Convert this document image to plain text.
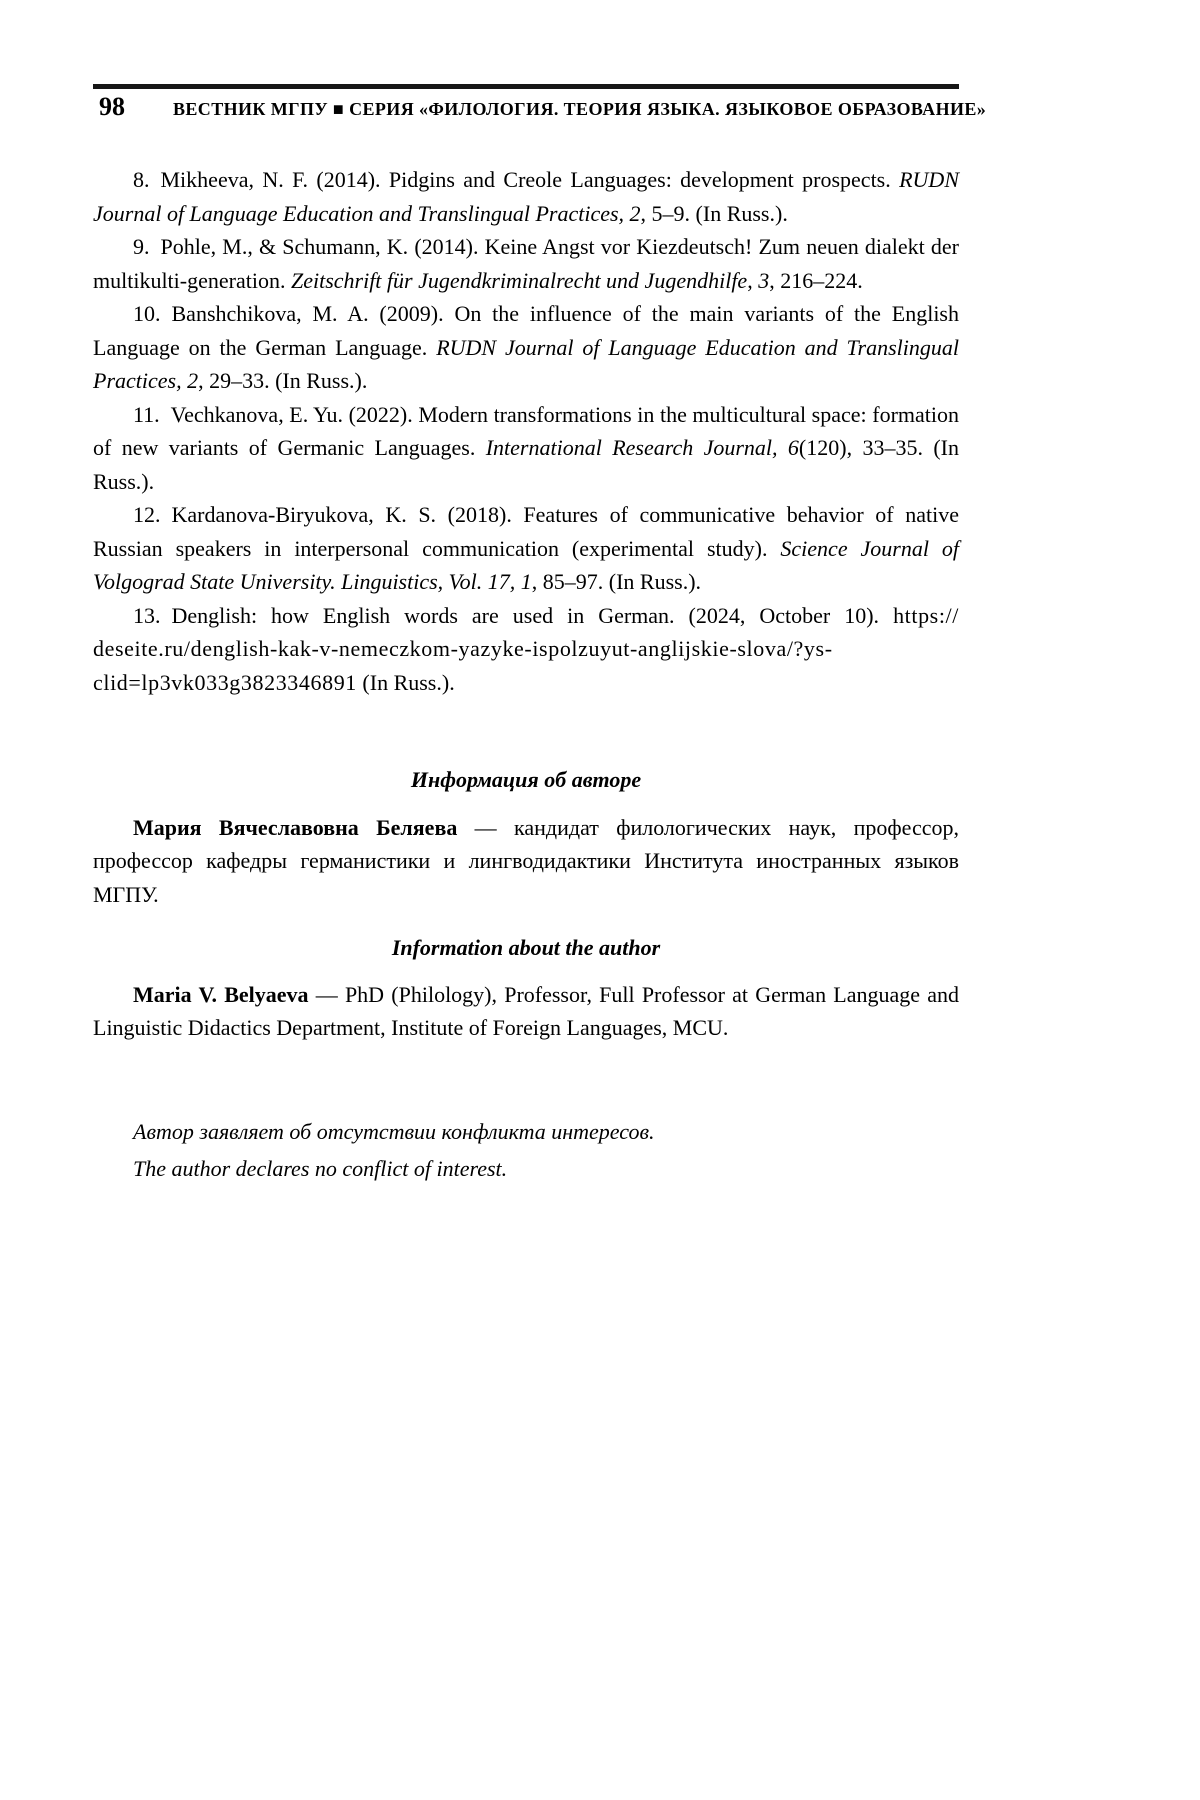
98	ВЕСТНИК МГПУ ■ СЕРИЯ «ФИЛОЛОГИЯ. ТЕОРИЯ ЯЗЫКА. ЯЗЫКОВОЕ ОБРАЗОВАНИЕ»

8. Mikheeva, N. F. (2014). Pidgins and Creole Languages: development prospects. RUDN Journal of Language Education and Translingual Practices, 2, 5–9. (In Russ.).

9. Pohle, M., & Schumann, K. (2014). Keine Angst vor Kiezdeutsch! Zum neuen dialekt der multikulti-generation. Zeitschrift für Jugendkriminalrecht und Jugendhilfe, 3, 216–224.

10. Banshchikova, M. A. (2009). On the influence of the main variants of the English Language on the German Language. RUDN Journal of Language Education and Translingual Practices, 2, 29–33. (In Russ.).

11. Vechkanova, E. Yu. (2022). Modern transformations in the multicultural space: formation of new variants of Germanic Languages. International Research Journal, 6(120), 33–35. (In Russ.).

12. Kardanova-Biryukova, K. S. (2018). Features of communicative behavior of native Russian speakers in interpersonal communication (experimental study). Science Journal of Volgograd State University. Linguistics, Vol. 17, 1, 85–97. (In Russ.).

13. Denglish: how English words are used in German. (2024, October 10). https://​deseite.ru/​denglish-kak-v-nemeczkom-yazyke-ispolzuyut-anglijskie-slova/​?ysclid=lp3vk033g3823346891 (In Russ.).

Информация об авторе

Мария Вячеславовна Беляева — кандидат филологических наук, профессор, профессор кафедры германистики и лингводидактики Института иностранных языков МГПУ.

Information about the author

Maria V. Belyaeva — PhD (Philology), Professor, Full Professor at German Language and Linguistic Didactics Department, Institute of Foreign Languages, MCU.

Автор заявляет об отсутствии конфликта интересов.

The author declares no conflict of interest.
